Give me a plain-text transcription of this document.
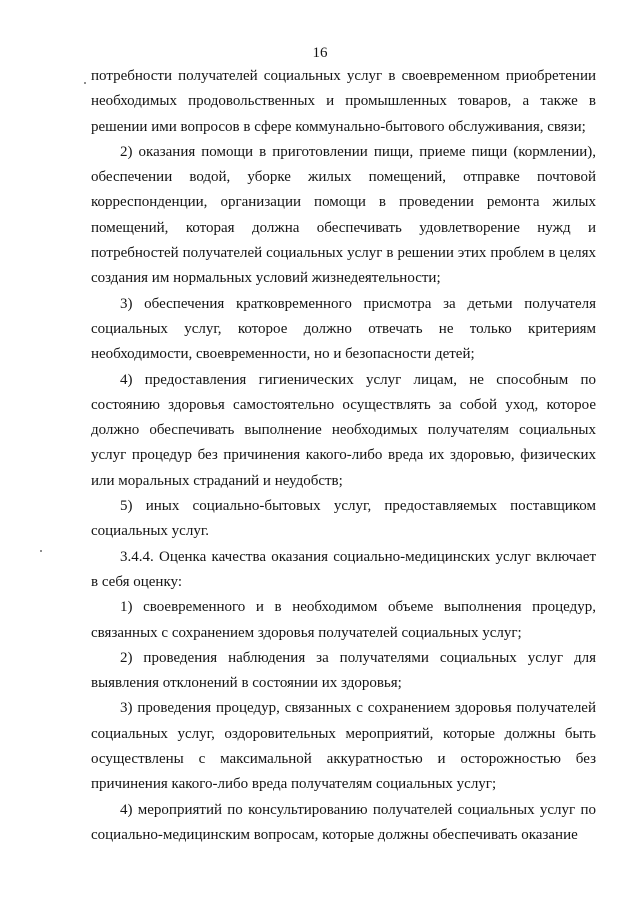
16

потребности получателей социальных услуг в своевременном приобретении необходимых продовольственных и промышленных товаров, а также в решении ими вопросов в сфере коммунально-бытового обслуживания, связи;

2) оказания помощи в приготовлении пищи, приеме пищи (кормлении), обеспечении водой, уборке жилых помещений, отправке почтовой корреспонденции, организации помощи в проведении ремонта жилых помещений, которая должна обеспечивать удовлетворение нужд и потребностей получателей социальных услуг в решении этих проблем в целях создания им нормальных условий жизнедеятельности;

3) обеспечения кратковременного присмотра за детьми получателя социальных услуг, которое должно отвечать не только критериям необходимости, своевременности, но и безопасности детей;

4) предоставления гигиенических услуг лицам, не способным по состоянию здоровья самостоятельно осуществлять за собой уход, которое должно обеспечивать выполнение необходимых получателям социальных услуг процедур без причинения какого-либо вреда их здоровью, физических или моральных страданий и неудобств;

5) иных социально-бытовых услуг, предоставляемых поставщиком социальных услуг.

3.4.4. Оценка качества оказания социально-медицинских услуг включает в себя оценку:

1) своевременного и в необходимом объеме выполнения процедур, связанных с сохранением здоровья получателей социальных услуг;

2) проведения наблюдения за получателями социальных услуг для выявления отклонений в состоянии их здоровья;

3) проведения процедур, связанных с сохранением здоровья получателей социальных услуг, оздоровительных мероприятий, которые должны быть осуществлены с максимальной аккуратностью и осторожностью без причинения какого-либо вреда получателям социальных услуг;

4) мероприятий по консультированию получателей социальных услуг по социально-медицинским вопросам, которые должны обеспечивать оказание
